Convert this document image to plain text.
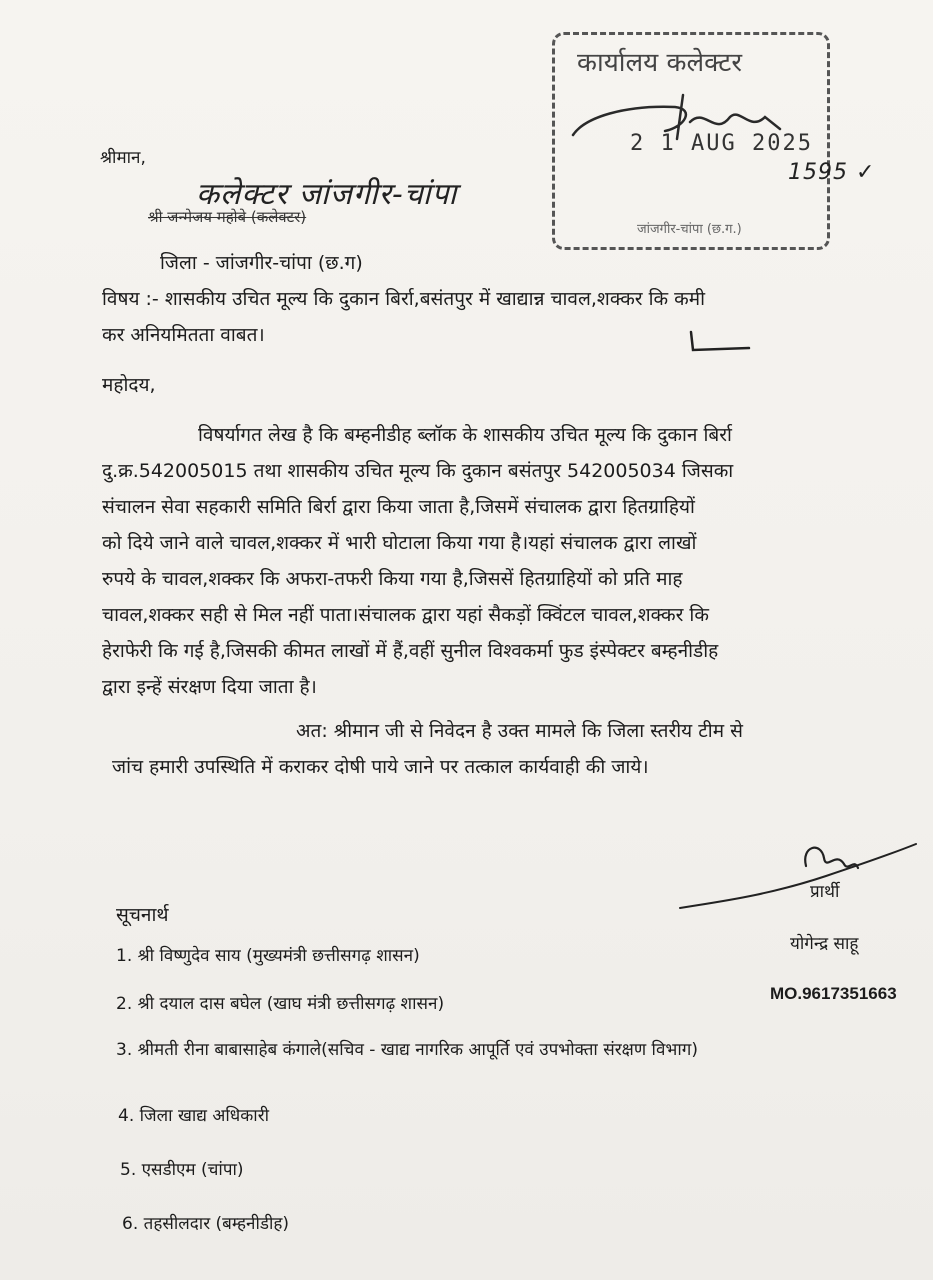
कार्यालय कलेक्टर
2 1 AUG 2025
जांजगीर-चांपा (छ.ग.)
1595 ✓
श्रीमान,
कलेक्टर जांजगीर-चांपा
श्री जन्मेजय महोबे (कलेक्टर)
जिला - जांजगीर-चांपा (छ.ग)
विषय :- शासकीय उचित मूल्य कि दुकान बिर्रा,बसंतपुर में खाद्यान्न चावल,शक्कर कि कमी
कर अनियमितता वाबत।
महोदय,
विषर्यागत लेख है कि बम्हनीडीह ब्लॉक के शासकीय उचित मूल्य कि दुकान बिर्रा
दु.क्र.542005015 तथा शासकीय उचित मूल्य कि दुकान बसंतपुर 542005034 जिसका
संचालन सेवा सहकारी समिति बिर्रा द्वारा किया जाता है,जिसमें संचालक द्वारा हितग्राहियों
को दिये जाने वाले चावल,शक्कर में भारी घोटाला किया गया है।यहां संचालक द्वारा लाखों
रुपये के चावल,शक्कर कि अफरा-तफरी किया गया है,जिससें हितग्राहियों को प्रति माह
चावल,शक्कर सही से मिल नहीं पाता।संचालक द्वारा यहां सैकड़ों क्विंटल चावल,शक्कर कि
हेराफेरी कि गई है,जिसकी कीमत लाखों में हैं,वहीं सुनील विश्वकर्मा फुड इंस्पेक्टर बम्हनीडीह
द्वारा इन्हें संरक्षण दिया जाता है।
अत: श्रीमान जी से निवेदन है उक्त मामले कि जिला स्तरीय टीम से
जांच हमारी उपस्थिति में कराकर दोषी पाये जाने पर तत्काल कार्यवाही की जाये।
प्रार्थी
योगेन्द्र साहू
MO.9617351663
सूचनार्थ
1. श्री विष्णुदेव साय (मुख्यमंत्री छत्तीसगढ़ शासन)
2. श्री दयाल दास बघेल (खाघ मंत्री छत्तीसगढ़ शासन)
3. श्रीमती रीना बाबासाहेब कंगाले(सचिव - खाद्य नागरिक आपूर्ति एवं उपभोक्ता संरक्षण विभाग)
4. जिला खाद्य अधिकारी
5. एसडीएम (चांपा)
6. तहसीलदार (बम्हनीडीह)
